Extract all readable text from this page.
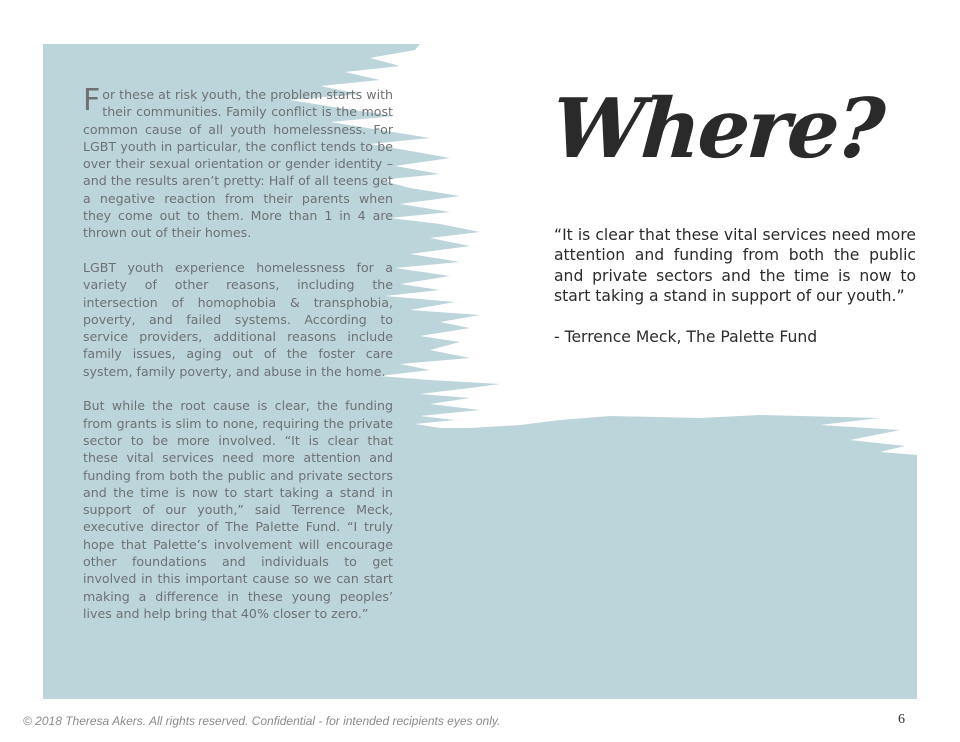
For these at risk youth, the problem starts with their communities. Family conflict is the most common cause of all youth homelessness. For LGBT youth in particular, the conflict tends to be over their sexual orientation or gender identity – and the results aren’t pretty: Half of all teens get a negative reaction from their parents when they come out to them. More than 1 in 4 are thrown out of their homes.

LGBT youth experience homelessness for a variety of other reasons, including the intersection of homophobia & transphobia, poverty, and failed systems. According to service providers, additional reasons include family issues, aging out of the foster care system, family poverty, and abuse in the home.

But while the root cause is clear, the funding from grants is slim to none, requiring the private sector to be more involved. “It is clear that these vital services need more attention and funding from both the public and private sectors and the time is now to start taking a stand in support of our youth,” said Terrence Meck, executive director of The Palette Fund. “I truly hope that Palette’s involvement will encourage other foundations and individuals to get involved in this important cause so we can start making a difference in these young peoples’ lives and help bring that 40% closer to zero.”

Where?

“It is clear that these vital services need more attention and funding from both the public and private sectors and the time is now to start taking a stand in support of our youth.”

- Terrence Meck, The Palette Fund

© 2018 Theresa Akers. All rights reserved. Confidential - for intended recipients eyes only.	6
